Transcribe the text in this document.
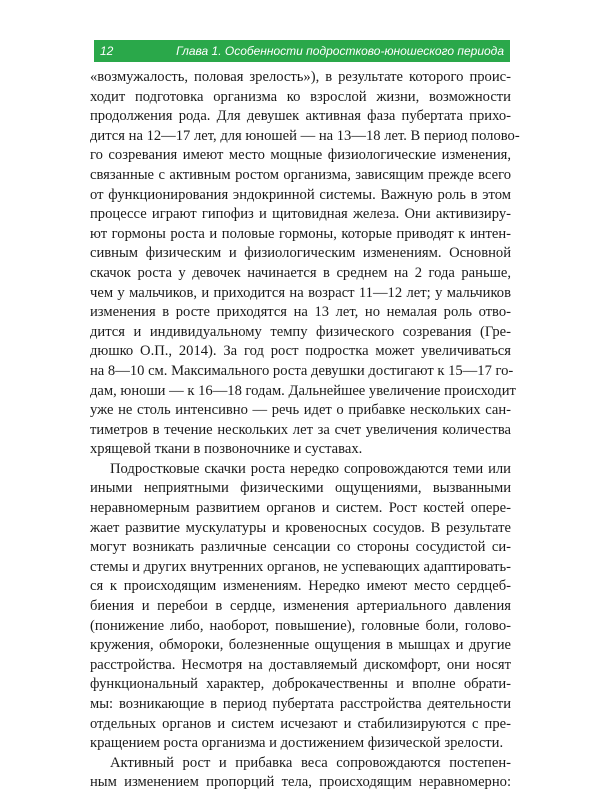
12	Глава 1. Особенности подростково-юношеского периода
«возмужалость, половая зрелость»), в результате которого проис-
ходит подготовка организма ко взрослой жизни, возможности
продолжения рода. Для девушек активная фаза пубертата прихо-
дится на 12—17 лет, для юношей — на 13—18 лет. В период полово-
го созревания имеют место мощные физиологические изменения,
связанные с активным ростом организма, зависящим прежде всего
от функционирования эндокринной системы. Важную роль в этом
процессе играют гипофиз и щитовидная железа. Они активизиру-
ют гормоны роста и половые гормоны, которые приводят к интен-
сивным физическим и физиологическим изменениям. Основной
скачок роста у девочек начинается в среднем на 2 года раньше,
чем у мальчиков, и приходится на возраст 11—12 лет; у мальчиков
изменения в росте приходятся на 13 лет, но немалая роль отво-
дится и индивидуальному темпу физического созревания (Гре-
дюшко О.П., 2014). За год рост подростка может увеличиваться
на 8—10 см. Максимального роста девушки достигают к 15—17 го-
дам, юноши — к 16—18 годам. Дальнейшее увеличение происходит
уже не столь интенсивно — речь идет о прибавке нескольких сан-
тиметров в течение нескольких лет за счет увеличения количества
хрящевой ткани в позвоночнике и суставах.
Подростковые скачки роста нередко сопровождаются теми или
иными неприятными физическими ощущениями, вызванными
неравномерным развитием органов и систем. Рост костей опере-
жает развитие мускулатуры и кровеносных сосудов. В результате
могут возникать различные сенсации со стороны сосудистой си-
стемы и других внутренних органов, не успевающих адаптировать-
ся к происходящим изменениям. Нередко имеют место сердцеб-
биения и перебои в сердце, изменения артериального давления
(понижение либо, наоборот, повышение), головные боли, голово-
кружения, обмороки, болезненные ощущения в мышцах и другие
расстройства. Несмотря на доставляемый дискомфорт, они носят
функциональный характер, доброкачественны и вполне обрати-
мы: возникающие в период пубертата расстройства деятельности
отдельных органов и систем исчезают и стабилизируются с пре-
кращением роста организма и достижением физической зрелости.
Активный рост и прибавка веса сопровождаются постепен-
ным изменением пропорций тела, происходящим неравномерно:
